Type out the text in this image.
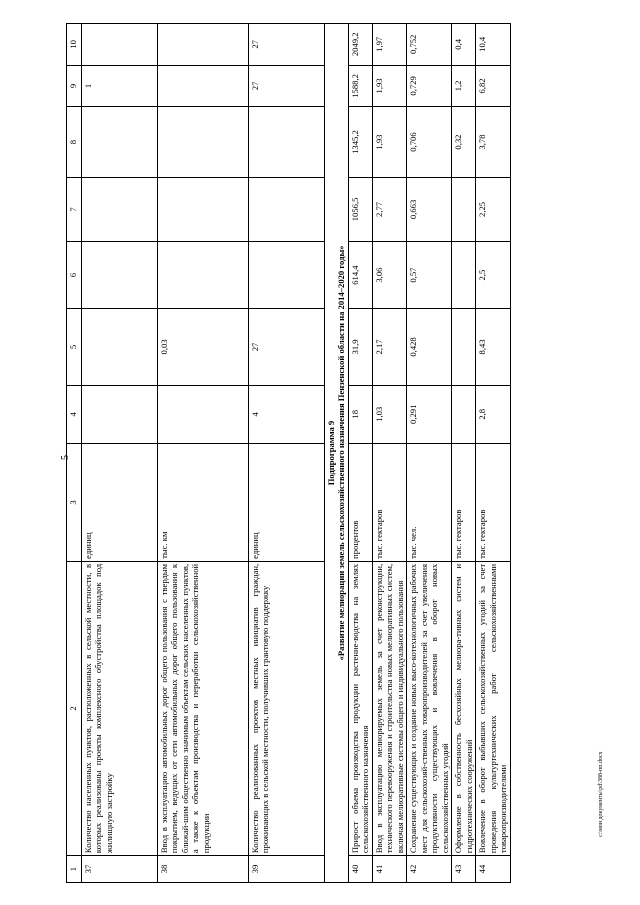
5
1	2	3	4	5	6	7	8	9	10
37	Количество населенных пунктов, расположенных в сельской местности, в которых реализованы проекты комплексного обустройства площадок под жилищную застройку	единиц						1	
38	Ввод в эксплуатацию автомобильных дорог общего пользования с твердым покрытием, ведущих от сети автомобильных дорог общего пользования к ближай-шим общественно значимым объектам сельских населенных пунктов, а также к объектам производства и переработки сельскохозяйственной продукции	тыс. км		0,03					
39	Количество реализованных проектов местных инициатив граждан, проживающих в сельской местности, получивших грантовую поддержку	единиц	4	27				27	27

Подпрограмма 9 «Развитие мелиорации земель сельскохозяйственного назначения Пензенской области на 2014–2020 годы»									

40	Прирост объема производства продукции растение-водства на землях сельскохозяйственного назначения	процентов	18	31,9	614,4	1056,5	1345,2	1588,2	2049,2
41	Ввод в эксплуатацию мелиорируемых земель за счет реконструкции, технического перевооружения и строительства новых мелиоративных систем, включая мелиоративные системы общего и индивидуального пользования	тыс. гектаров	1,03	2,17	3,06	2,77	1,93	1,93	1,97
42	Сохранение существующих и создание новых высо-котехнологичных рабочих мест для сельскохозяй-ственных товаропроизводителей за счет увеличения продуктивности существующих и вовлечения в оборот новых сельскохозяйственных угодий	тыс. чел.	0,291	0,428	0,57	0,663	0,706	0,729	0,752
43	Оформление в собственность бесхозяйных мелиора-тивных систем и гидротехнических сооружений	тыс. гектаров					0,32	1,2	0,4
44	Вовлечение в оборот выбывших сельскохозяйственных угодий за счет проведения культуртехнических работ сельскохозяйственными товаропроизводителями	тыс. гектаров	2,8	8,43	2,5	2,25	3,78	6,82	10,4
c:\мои документы\pd\388-пп.docx
